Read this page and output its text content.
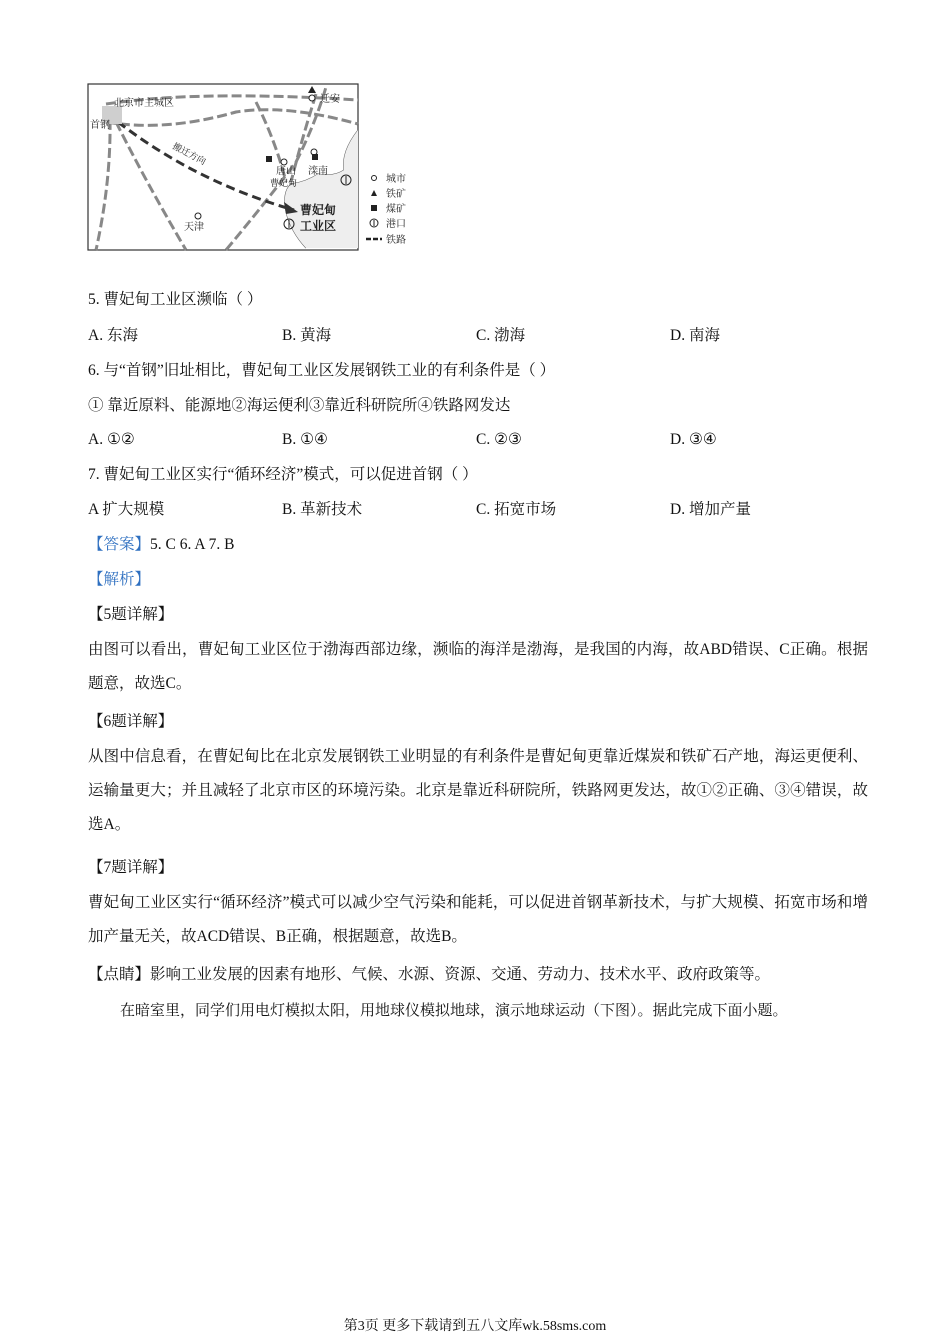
北京市主城区
首钢
迁安
唐山 滦南
曹妃甸
天津
搬迁方向
曹妃甸
工业区
城市
铁矿
煤矿
港口
铁路
5. 曹妃甸工业区濒临（ ）
A. 东海	B. 黄海	C. 渤海	D. 南海
6. 与“首钢”旧址相比，曹妃甸工业区发展钢铁工业的有利条件是（ ）
① 靠近原料、能源地②海运便利③靠近科研院所④铁路网发达
A. ①②	B. ①④	C. ②③	D. ③④
7. 曹妃甸工业区实行“循环经济”模式，可以促进首钢（ ）
A 扩大规模	B. 革新技术	C. 拓宽市场	D. 增加产量
【答案】5. C 6. A 7. B
【解析】
【5题详解】
由图可以看出，曹妃甸工业区位于渤海西部边缘，濒临的海洋是渤海，是我国的内海，故ABD错误、C正确。根据题意，故选C。
【6题详解】
从图中信息看，在曹妃甸比在北京发展钢铁工业明显的有利条件是曹妃甸更靠近煤炭和铁矿石产地，海运更便利、运输量更大；并且减轻了北京市区的环境污染。北京是靠近科研院所，铁路网更发达，故①②正确、③④错误，故选A。
【7题详解】
曹妃甸工业区实行“循环经济”模式可以减少空气污染和能耗，可以促进首钢革新技术，与扩大规模、拓宽市场和增加产量无关，故ACD错误、B正确，根据题意，故选B。
【点睛】影响工业发展的因素有地形、气候、水源、资源、交通、劳动力、技术水平、政府政策等。
在暗室里，同学们用电灯模拟太阳，用地球仪模拟地球，演示地球运动（下图）。据此完成下面小题。
第3页 更多下载请到五八文库wk.58sms.com
